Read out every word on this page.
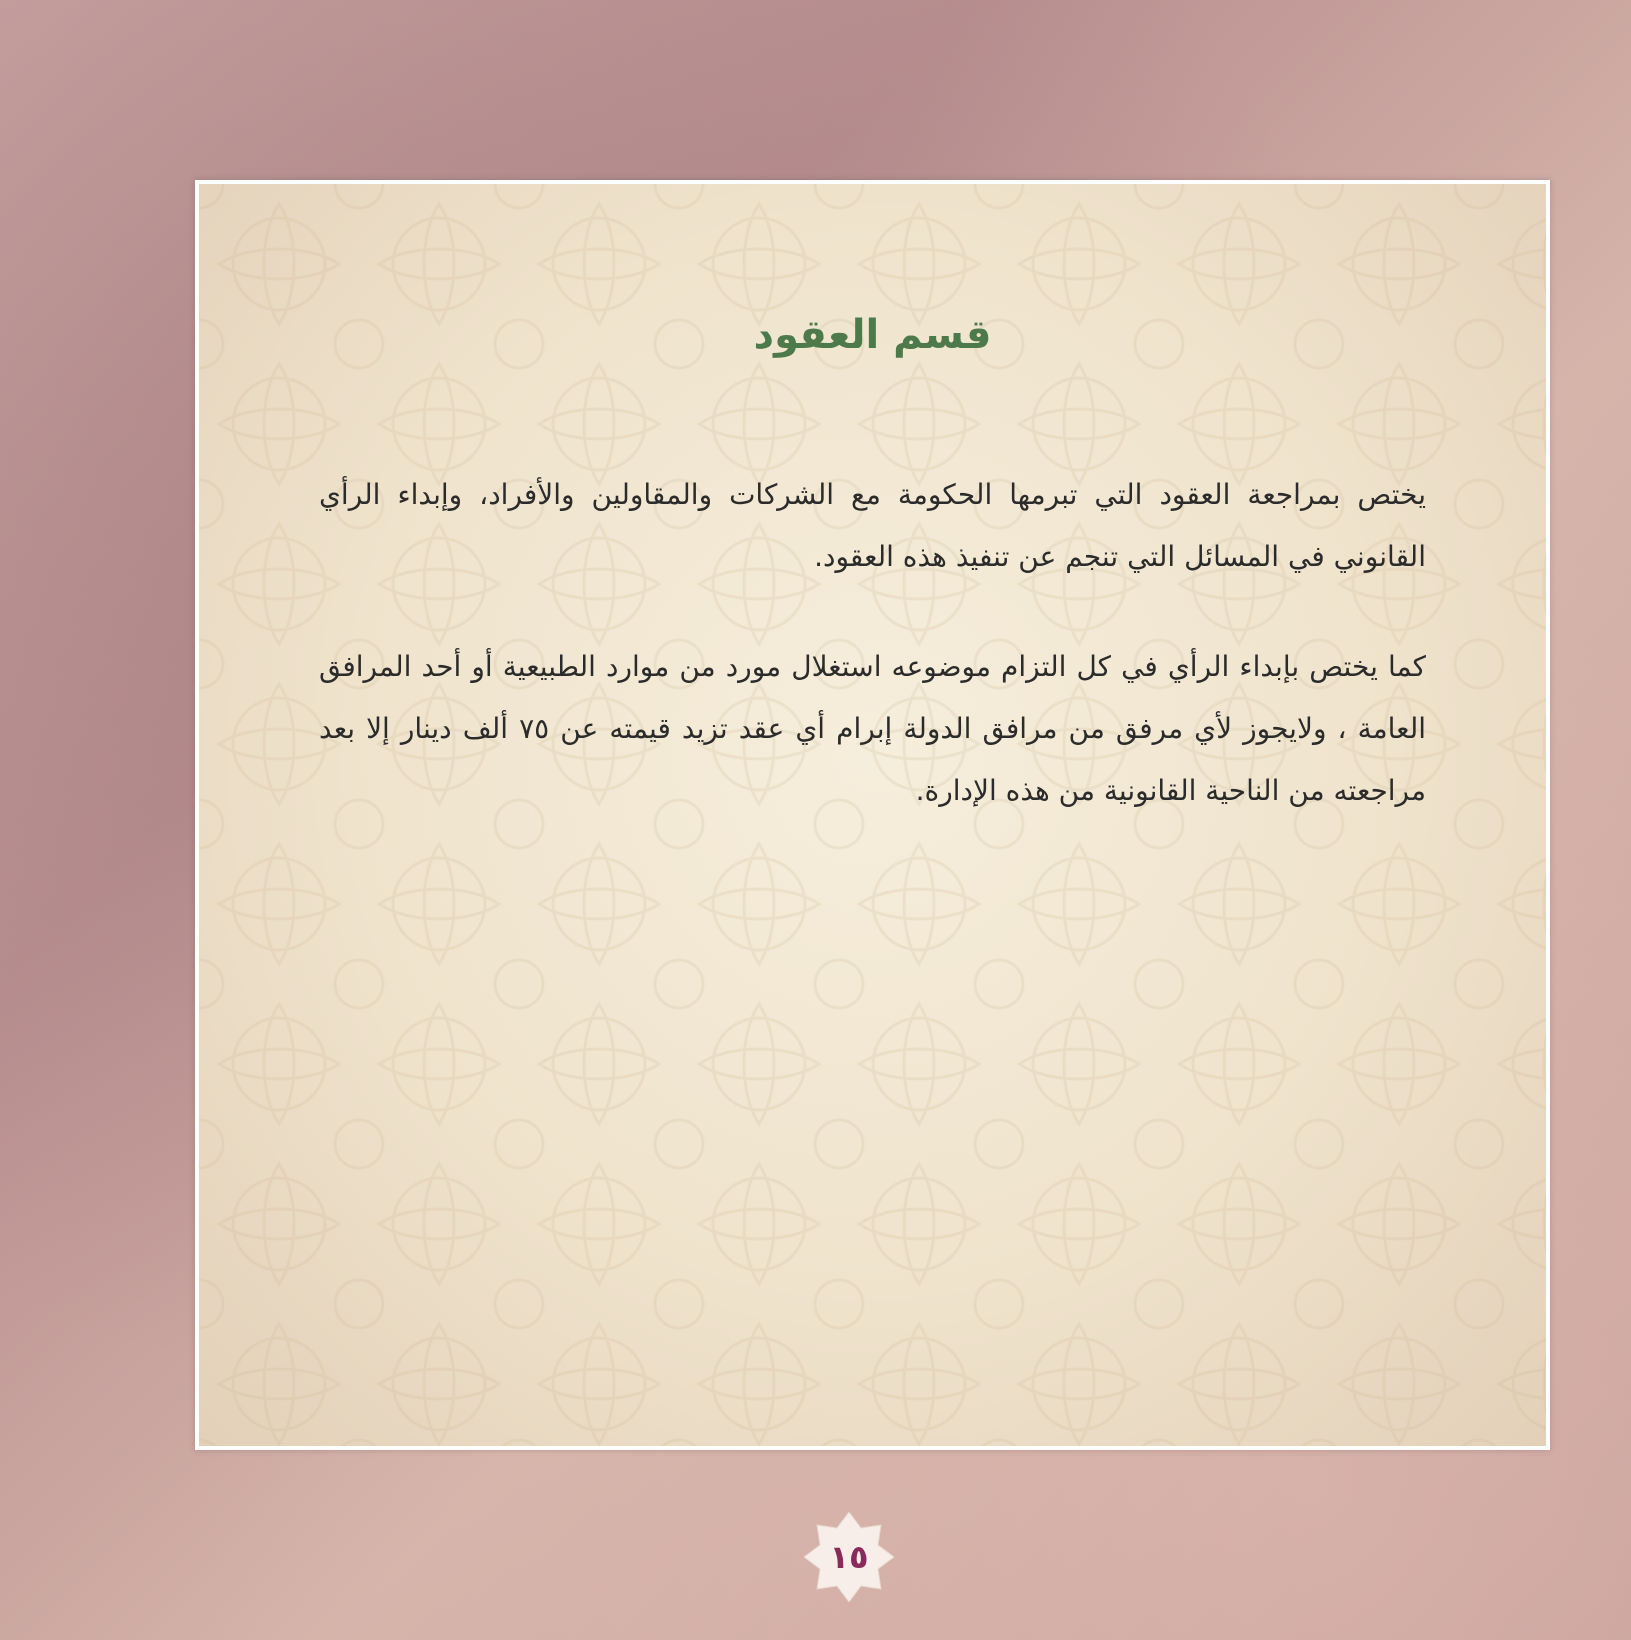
قسم العقود

يختص بمراجعة العقود التي تبرمها الحكومة مع الشركات والمقاولين والأفراد، وإبداء الرأي القانوني في المسائل التي تنجم عن تنفيذ هذه العقود.

كما يختص بإبداء الرأي في كل التزام موضوعه استغلال مورد من موارد الطبيعية أو أحد المرافق العامة ، ولايجوز لأي مرفق من مرافق الدولة إبرام أي عقد تزيد قيمته عن ٧٥ ألف دينار إلا بعد مراجعته من الناحية القانونية من هذه الإدارة.

١٥
